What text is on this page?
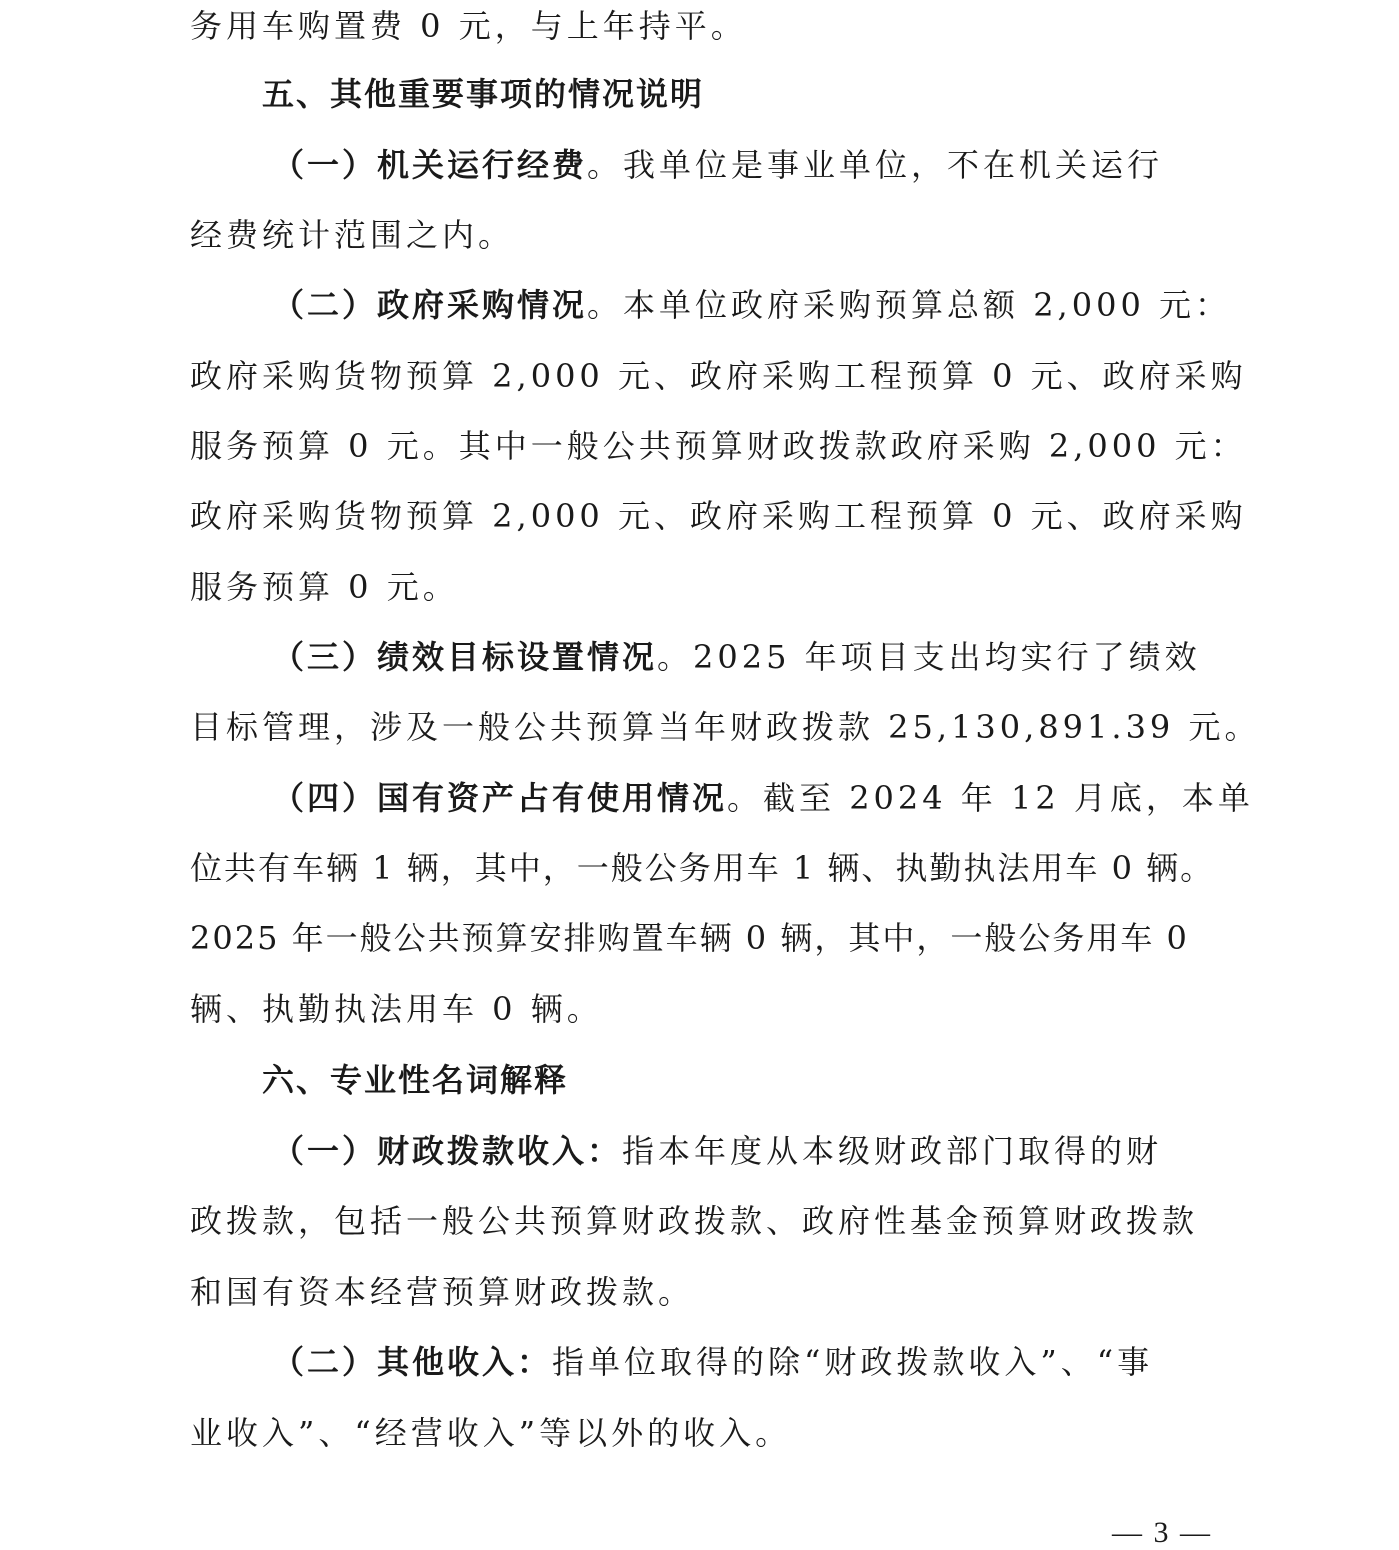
务用车购置费 0 元，与上年持平。
五、其他重要事项的情况说明
（一）机关运行经费。我单位是事业单位，不在机关运行
经费统计范围之内。
（二）政府采购情况。本单位政府采购预算总额 2,000 元：
政府采购货物预算 2,000 元、政府采购工程预算 0 元、政府采购
服务预算 0 元。其中一般公共预算财政拨款政府采购 2,000 元：
政府采购货物预算 2,000 元、政府采购工程预算 0 元、政府采购
服务预算 0 元。
（三）绩效目标设置情况。2025 年项目支出均实行了绩效
目标管理，涉及一般公共预算当年财政拨款 25,130,891.39 元。
（四）国有资产占有使用情况。截至 2024 年 12 月底，本单
位共有车辆 1 辆，其中，一般公务用车 1 辆、执勤执法用车 0 辆。
2025 年一般公共预算安排购置车辆 0 辆，其中，一般公务用车 0
辆、执勤执法用车 0 辆。
六、专业性名词解释
（一）财政拨款收入：指本年度从本级财政部门取得的财
政拨款，包括一般公共预算财政拨款、政府性基金预算财政拨款
和国有资本经营预算财政拨款。
（二）其他收入：指单位取得的除“财政拨款收入”、“事
业收入”、“经营收入”等以外的收入。
— 3 —
